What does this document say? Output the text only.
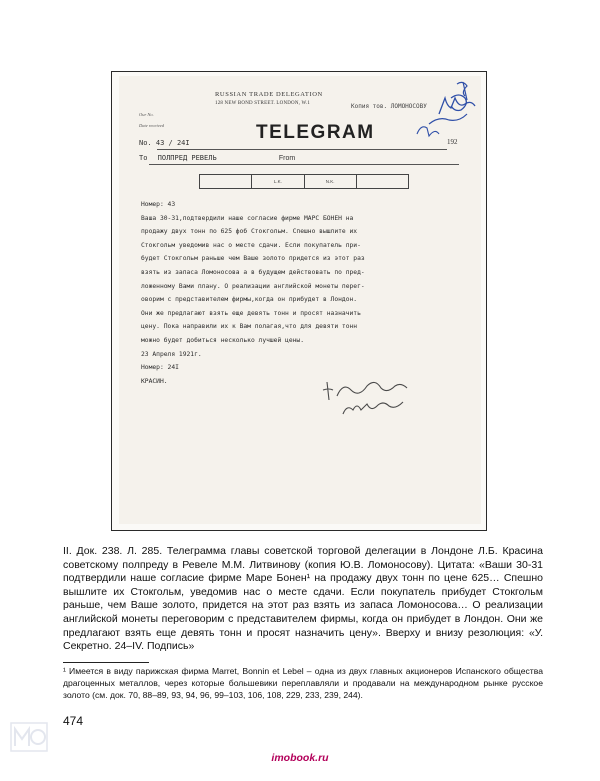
RUSSIAN TRADE DELEGATION
128 NEW BOND STREET. LONDON, W.1	Копия тов. ЛОМОНОСОВУ
Our No.
Date received	TELEGRAM
No. 43 / 24I	192
To ПОЛПРЕД РЕВЕЛЬ	From
L.K.	N.K.
Номер: 43
Ваша 30-31,подтвердили наше согласие фирме МАРС БОНЕН на
продажу двух тонн по 625 фоб Стокгольм. Спешно вышлите их
Стокгольм уведомив нас о месте сдачи. Если покупатель при-
будет Стокгольм раньше чем Ваше золото придется из этот раз
взять из запаса Ломоносова а в будущем действовать по пред-
ложенному Вами плану. О реализации английской монеты перег-
оворим с представителем фирмы,когда он прибудет в Лондон.
Они же предлагают взять еще девять тонн и просят назначить
цену. Пока направили их к Вам полагая,что для девяти тонн
можно будет добиться несколько лучшей цены.
23 Апреля 1921г.
Номер: 24I
КРАСИН.
II. Док. 238. Л. 285. Телеграмма главы советской торговой делегации в Лондоне Л.Б. Красина советскому полпреду в Ревеле М.М. Литвинову (копия Ю.В. Ломоносову). Цитата: «Ваши 30-31 подтвердили наше согласие фирме Маре Бонен¹ на продажу двух тонн по цене 625… Спешно вышлите их Стокгольм, уведомив нас о месте сдачи. Если покупатель прибудет Стокгольм раньше, чем Ваше золото, придется на этот раз взять из запаса Ломоносова… О реализации английской монеты переговорим с представителем фирмы, когда он прибудет в Лондон. Они же предлагают взять еще девять тонн и просят назначить цену». Вверху и внизу резолюция: «У. Секретно. 24–IV. Подпись»
¹ Имеется в виду парижская фирма Marret, Bonnin et Lebel – одна из двух главных акционеров Испанского общества драгоценных металлов, через которые большевики переплавляли и продавали на международном рынке русское золото (см. док. 70, 88–89, 93, 94, 96, 99–103, 106, 108, 229, 233, 239, 244).
474
imobook.ru
